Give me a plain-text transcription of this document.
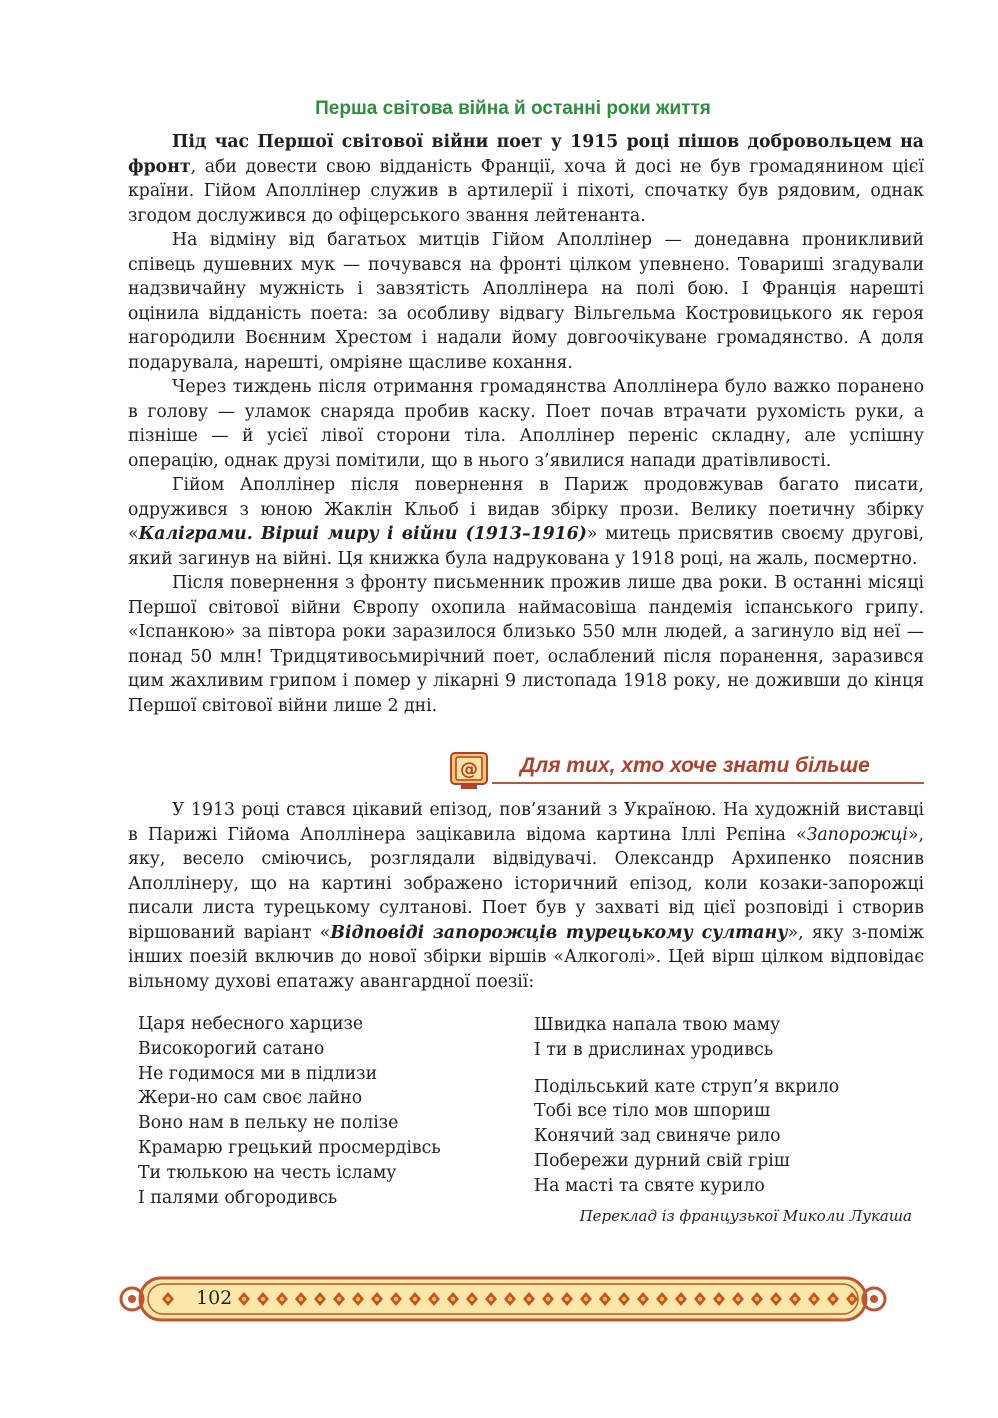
Перша світова війна й останні роки життя

Під час Першої світової війни поет у 1915 році пішов добровольцем на фронт, аби довести свою відданість Франції, хоча й досі не був громадянином цієї країни. Гійом Аполлінер служив в артилерії і піхоті, спочатку був рядовим, однак згодом дослужився до офіцерського звання лейтенанта.

На відміну від багатьох митців Гійом Аполлінер — донедавна проникливий співець душевних мук — почувався на фронті цілком упевнено. Товариші згадували надзвичайну мужність і завзятість Аполлінера на полі бою. І Франція нарешті оцінила відданість поета: за особливу відвагу Вільгельма Костровицького як героя нагородили Воєнним Хрестом і надали йому довгоочікуване громадянство. А доля подарувала, нарешті, омріяне щасливе кохання.

Через тиждень після отримання громадянства Аполлінера було важко поранено в голову — уламок снаряда пробив каску. Поет почав втрачати рухомість руки, а пізніше — й усієї лівої сторони тіла. Аполлінер переніс складну, але успішну операцію, однак друзі помітили, що в нього з’явилися напади дратівливості.

Гійом Аполлінер після повернення в Париж продовжував багато писати, одружився з юною Жаклін Кльоб і видав збірку прози. Велику поетичну збірку «Каліграми. Вірші миру і війни (1913–1916)» митець присвятив своєму другові, який загинув на війні. Ця книжка була надрукована у 1918 році, на жаль, посмертно.

Після повернення з фронту письменник прожив лише два роки. В останні місяці Першої світової війни Європу охопила наймасовіша пандемія іспанського грипу. «Іспанкою» за півтора роки заразилося близько 550 млн людей, а загинуло від неї — понад 50 млн! Тридцятивосьмирічний поет, ослаблений після поранення, заразився цим жахливим грипом і помер у лікарні 9 листопада 1918 року, не доживши до кінця Першої світової війни лише 2 дні.

@ Для тих, хто хоче знати більше

У 1913 році стався цікавий епізод, пов’язаний з Україною. На художній виставці в Парижі Гійома Аполлінера зацікавила відома картина Іллі Рєпіна «Запорожці», яку, весело сміючись, розглядали відвідувачі. Олександр Архипенко пояснив Аполлінеру, що на картині зображено історичний епізод, коли козаки-запорожці писали листа турецькому султанові. Поет був у захваті від цієї розповіді і створив віршований варіант «Відповіді запорожців турецькому султану», яку з-поміж інших поезій включив до нової збірки віршів «Алкоголі». Цей вірш цілком відповідає вільному духові епатажу авангардної поезії:

Царя небесного харцизе
Високорогий сатано
Не годимося ми в підлизи
Жери-но сам своє лайно
Воно нам в пельку не полізе
Крамарю грецький просмердівсь
Ти тюлькою на честь ісламу
І палями обгородивсь
Швидка напала твою маму
І ти в дрислинах уродивсь
Подільський кате струп’я вкрило
Тобі все тіло мов шпориш
Конячий зад свиняче рило
Побережи дурний свій гріш
На масті та святе курило
Переклад із французької Миколи Лукаша
102
